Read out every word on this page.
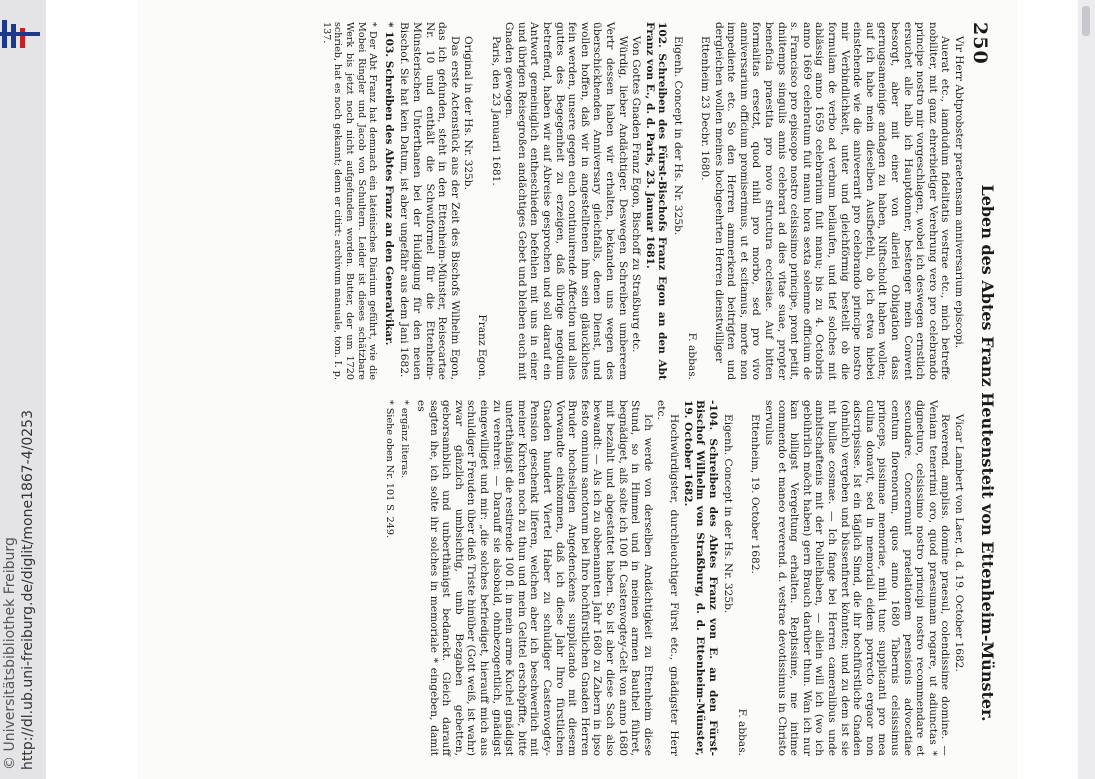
© Universitätsbibliothek Freiburg http://dl.ub.uni-freiburg.de/diglit/mone1867-4/0253
250
Leben des Abtes Franz Heutensteit von Ettenheim-Münster.

Vir Herr Abtprobster praetensam anniversarium episcopi.

Auerat etc., iamdudum fidelitatis vestrae etc., mich betreffe nobiliter, mit ganz ehrerbietiger Verehrung vero pro celebrando principe nostro mir vorgeschlagen, wobei ich deswegen ernstlich ersuchet alle halb ich Hauptdonner, bestenger mein Convent besorgt, aber mit einer von allerlei Obligation dass gernugsameinige andagen zu haben, Niftscholdt haben wollen; auf ich habe mein dieselben Ausfbefehl, ob ich etwa hiebei einstehende wie die aniveerarit pro celebrando principe nostro mir Verbindlichkeit, unter und gleichförmig bestellt ob die formulam de verbo ad verbum beilaufen, und tief solches mit ablässig anno 1659 celebrarium fuit manu; bis zu 4. Octobris anno 1669 celebratum fuit manu hora sexta solemne officium de s. Francisco pro episcopo nostro celsissimo principe, pront petiit, dniitemps singulis annis celebrari ad dies vitae suae, propter beneficia praestita pro novo structura ecclesiae. Auf bitten formalitas ersetzt, quod nihil pro morbo, sed pro vivo anniversarium officium promiserimus, ut et scitamus, morte non impediente etc. So den Herren ammerkend beitrigten und dergleichen wollen meines hochgeehrten Herren dienstwilliger

Ettenheim 23 Decbr. 1680.

F. abbas.

Eigenh. Concept in der Hs. Nr. 325b.

102. Schreiben des Fürst-Bischofs Franz Egon an den Abt Franz von E., d. d. Paris, 23. Januar 1681.

Von Gottes Gnaden Franz Egon, Bischoff zu Straßburg etc.

Würdig, lieber Andächtiger. Deswegen Schreiben umbereem Vertr dessen haben wir erhalten, bekanden uns wegen des überschickhenden Anniversary gleichfalls, denen Dienst, und wollen hoffen, daß wir in angestelltenen ihm sein gläuckliches fein werden, unsere gegen euch continuirende Affection und alles guttes des Begegenheit zu erzeigen, daß übrige negotium betreffend, haben wir auf Abreise gesprochen und soll darauf ein Antwort gemeiniglich entheschieden befehlen mit uns in einer und übrigen Reisegroßen andächtiges Gebet und bleiben euch mit Gnaden gewogen.

Paris, den 23 Januarii 1681.

Franz Egon.

Original in der Hs. Nr. 325b.

Das erste Actenstück aus der Zeit des Bischofs Wilhelm Egon, das ich gefunden, steht in den Ettenheim-Münster, Reisecartae Nr. 10 und enthält die Schwuformel für die Ettenheim-Münsterischen Unterthanen bei der Huldigung für den neuen Bischof. Sie hat kein Datum, ist aber ungefähr aus dem Jani 1682.

* 103. Schreiben des Abtes Franz an den Generalvikar.

* Der Abt Franz hat demnach ein lateinisches Diarium geführt, wie die Mobei Ringler und Jacob von Schultern. Leider ist dieses schätzbare Werk bis jetzt noch nicht aufgefunden worden. Butter, der um 1720 schrieb, hat es noch gekannt; denn er citirt: archivum manuale, tom. I. p. 137.

Vicar Lambert von Laer, d. d. 19. October 1682.

Reverend. ampliss. domine praesul, colendissime domine. — Veniam tenerrimi oro, quod praesumam rogare, ut adiunctas * digneturo, celsissimo nostro principi nostro recommendare et secundare. Concernunt praelationem pensionis advocatiae centum florenorum, quos anno 1680 Tabernis celsissimus princeps, pissimae memoriae, mihi tunc supplicanti pro mea culina donavit, sed in memoriali eidem porrecto ergaor non adscripsisse. Ist ein täglich Simd, die ihr hochfürstliche Gnaden (ohnlich) vergeben und büssenfirert könnten; und zu dem ist sie nit bullae cosmae. — Ich fange bei Herren cameralibus unde ambitschaftenis mit der Pollelhaben, — allein will ich (wo ich gebührlich möcht haben) gern Brauch darüber thun. Wan ich nur kan billigst Vergeltung erhalten. Reptissime, me intime commendo et maneo reverend. d. vestrae devotissimus in Christo servulus

Ettenheim, 19. October 1682.

F. abbas.

Eigenh. Concept in der Hs. Nr. 325b.

-104. Schreiben des Abtes Franz von E. an den Fürst-Bischof Wilhelm von Straßburg, d. d. Ettenheim-Münster, 19. October 1682.

Hochwürdigster, durchleuchtiger Fürst etc., gnädigster Herr etc.

Ich werde von derselben Andächtigkeit zu Ettenheim diese Stund, so in Himmel und in meinen armen Bauthel führet, begnädiget, alß solte ich 100 fl. Castenvogtey-Gelt von anno 1680 mit bezahlt und abgestattet haben. So ist aber diese Sach also bewandt: — Als ich zu obbenannten Jahr 1680 zu Zabern in ipso festo omnium sanctorum bei Ihro hochfürstlichen Gnaden Herren Bruder hochseligen Angedenckens supplicando mit diesem Vorwandte einkommen, daß ich diese Jahr Ihro fürstlichen Gnaden hundert Viertel Haber zu schuldiger Castenvogtey-Pension geschenkt liferen, welchen aber ich beschwerlich mit meiner Kirchen noch zu thun und mein Gelttel erschöpffte, bitte unterthänigst die restirende 100 fl. in mein arme Kuchel gnädigst zu verehren: — Darauff sie alsobald, ohnbezogentlich, gnädigst eingewilliget und mir: „die solches befriediget, hierauff mich aus schuldiger Freuden über dieß Triste hinüber (Gott weiß, ist wahr) zwar gänzlich umbsichtig, umb Bezgaben gebetten, geborsamblich und unberthänigst bedanckt. Gleich darauff sagten ihe, ich solte ihr solches in memoriale * eingeben, damit es

* ergänz literas.

* Siehe oben Nr. 101 S. 249.
